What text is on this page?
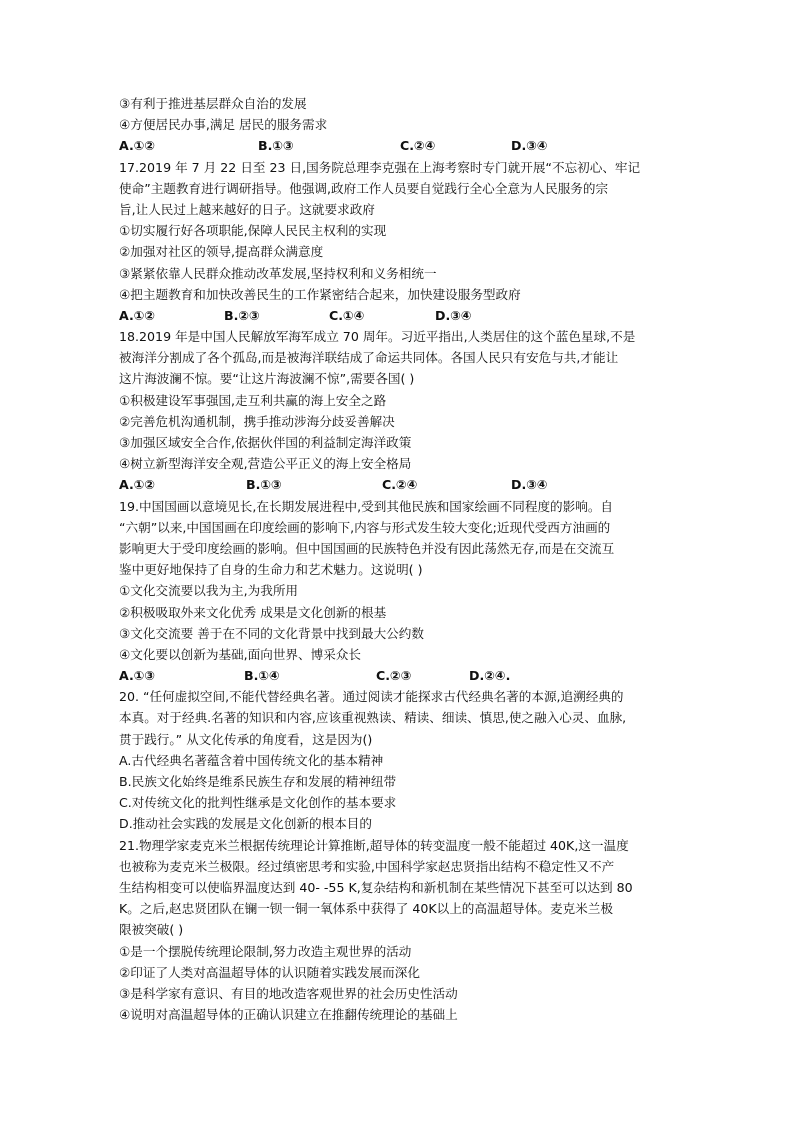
③有利于推进基层群众自治的发展
④方便居民办事,满足 居民的服务需求
A.①②	B.①③	C.②④	D.③④
17.2019 年 7 月 22 日至 23 日,国务院总理李克强在上海考察时专门就开展“不忘初心、牢记
使命”主题教育进行调研指导。他强调,政府工作人员要自觉践行全心全意为人民服务的宗
旨,让人民过上越来越好的日子。这就要求政府
①切实履行好各项职能,保障人民民主权利的实现
②加强对社区的领导,提高群众满意度
③紧紧依靠人民群众推动改革发展,坚持权利和义务相统一
④把主题教育和加快改善民生的工作紧密结合起来，加快建设服务型政府
A.①②	B.②③	C.①④	D.③④
18.2019 年是中国人民解放军海军成立 70 周年。习近平指出,人类居住的这个蓝色星球,不是
被海洋分割成了各个孤岛,而是被海洋联结成了命运共同体。各国人民只有安危与共,才能让
这片海波澜不惊。要“让这片海波澜不惊”,需要各国( )
①积极建设军事强国,走互利共赢的海上安全之路
②完善危机沟通机制，携手推动涉海分歧妥善解决
③加强区域安全合作,依据伙伴国的利益制定海洋政策
④树立新型海洋安全观,营造公平正义的海上安全格局
A.①②	B.①③	C.②④	D.③④
19.中国国画以意境见长,在长期发展进程中,受到其他民族和国家绘画不同程度的影响。自
“六朝”以来,中国国画在印度绘画的影响下,内容与形式发生较大变化;近现代受西方油画的
影响更大于受印度绘画的影响。但中国国画的民族特色并没有因此荡然无存,而是在交流互
鉴中更好地保持了自身的生命力和艺术魅力。这说明( )
①文化交流要以我为主,为我所用
②积极吸取外来文化优秀 成果是文化创新的根基
③文化交流要 善于在不同的文化背景中找到最大公约数
④文化要以创新为基础,面向世界、博采众长
A.①③	B.①④	C.②③	D.②④.
20. “任何虚拟空间,不能代替经典名著。通过阅读才能探求古代经典名著的本源,追溯经典的
本真。对于经典.名著的知识和内容,应该重视熟读、精读、细读、慎思,使之融入心灵、血脉,
贯于践行。” 从文化传承的角度看，这是因为()
A.古代经典名著蕴含着中国传统文化的基本精神
B.民族文化始终是维系民族生存和发展的精神纽带
C.对传统文化的批判性继承是文化创作的基本要求
D.推动社会实践的发展是文化创新的根本目的
21.物理学家麦克米兰根据传统理论计算推断,超导体的转变温度一般不能超过 40K,这一温度
也被称为麦克米兰极限。经过缜密思考和实验,中国科学家赵忠贤指出结构不稳定性又不产
生结构相变可以使临界温度达到 40- -55 K,复杂结构和新机制在某些情况下甚至可以达到 80
K。之后,赵忠贤团队在镧一钡一铜一氧体系中获得了 40K以上的高温超导体。麦克米兰极
限被突破( )
①是一个摆脱传统理论限制,努力改造主观世界的活动
②印证了人类对高温超导体的认识随着实践发展而深化
③是科学家有意识、有目的地改造客观世界的社会历史性活动
④说明对高温超导体的正确认识建立在推翻传统理论的基础上
